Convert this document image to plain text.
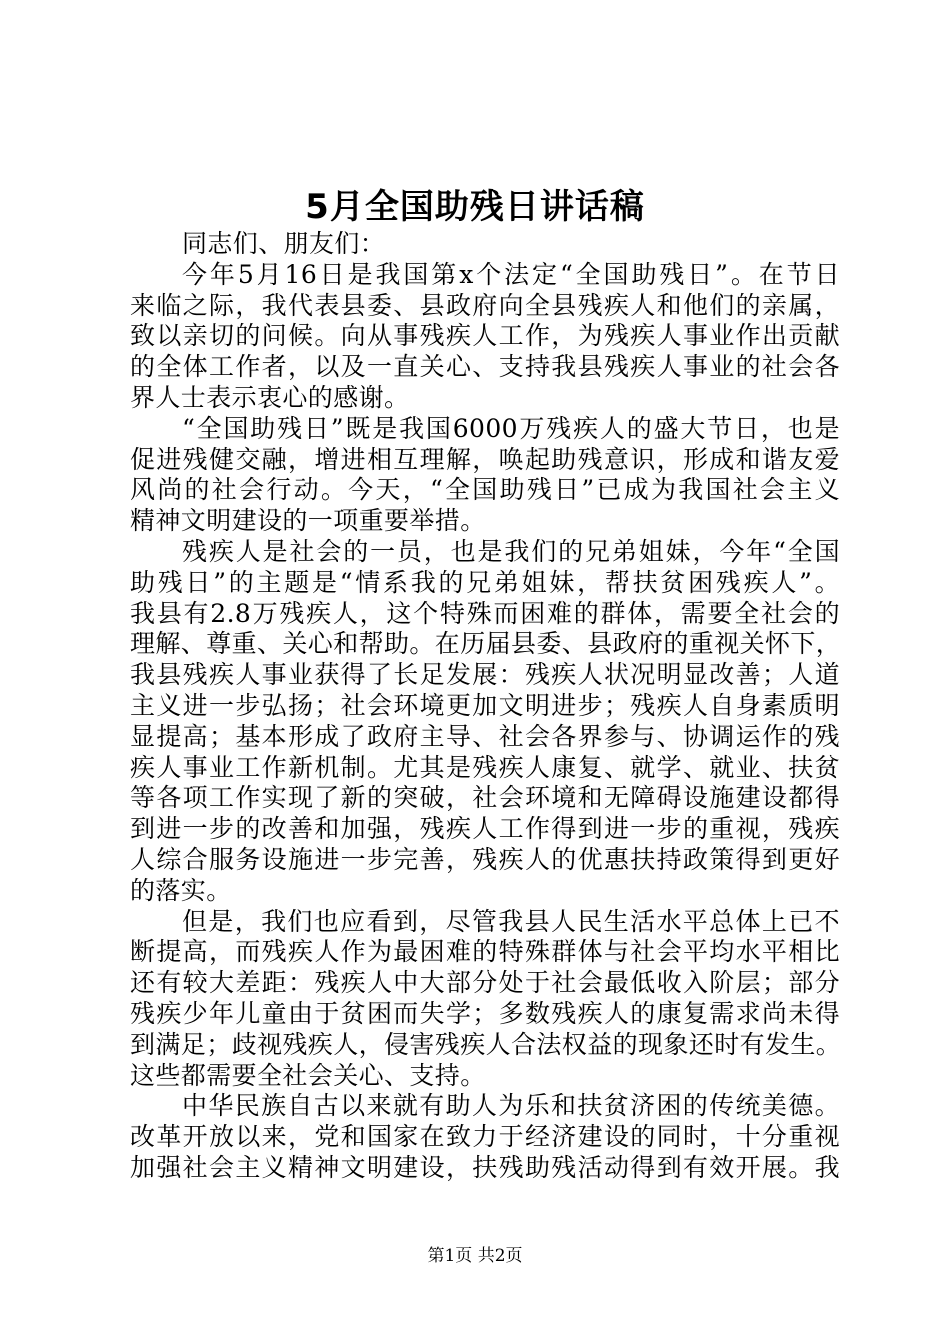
5月全国助残日讲话稿
同志们、朋友们：
今年5月16日是我国第x个法定“全国助残日”。在节日
来临之际，我代表县委、县政府向全县残疾人和他们的亲属，
致以亲切的问候。向从事残疾人工作，为残疾人事业作出贡献
的全体工作者，以及一直关心、支持我县残疾人事业的社会各
界人士表示衷心的感谢。
“全国助残日”既是我国6000万残疾人的盛大节日，也是
促进残健交融，增进相互理解，唤起助残意识，形成和谐友爱
风尚的社会行动。今天，“全国助残日”已成为我国社会主义
精神文明建设的一项重要举措。
残疾人是社会的一员，也是我们的兄弟姐妹，今年“全国
助残日”的主题是“情系我的兄弟姐妹，帮扶贫困残疾人”。
我县有2.8万残疾人，这个特殊而困难的群体，需要全社会的
理解、尊重、关心和帮助。在历届县委、县政府的重视关怀下，
我县残疾人事业获得了长足发展：残疾人状况明显改善；人道
主义进一步弘扬；社会环境更加文明进步；残疾人自身素质明
显提高；基本形成了政府主导、社会各界参与、协调运作的残
疾人事业工作新机制。尤其是残疾人康复、就学、就业、扶贫
等各项工作实现了新的突破，社会环境和无障碍设施建设都得
到进一步的改善和加强，残疾人工作得到进一步的重视，残疾
人综合服务设施进一步完善，残疾人的优惠扶持政策得到更好
的落实。
但是，我们也应看到，尽管我县人民生活水平总体上已不
断提高，而残疾人作为最困难的特殊群体与社会平均水平相比
还有较大差距：残疾人中大部分处于社会最低收入阶层；部分
残疾少年儿童由于贫困而失学；多数残疾人的康复需求尚未得
到满足；歧视残疾人，侵害残疾人合法权益的现象还时有发生。
这些都需要全社会关心、支持。
中华民族自古以来就有助人为乐和扶贫济困的传统美德。
改革开放以来，党和国家在致力于经济建设的同时，十分重视
加强社会主义精神文明建设，扶残助残活动得到有效开展。我
第1页 共2页
